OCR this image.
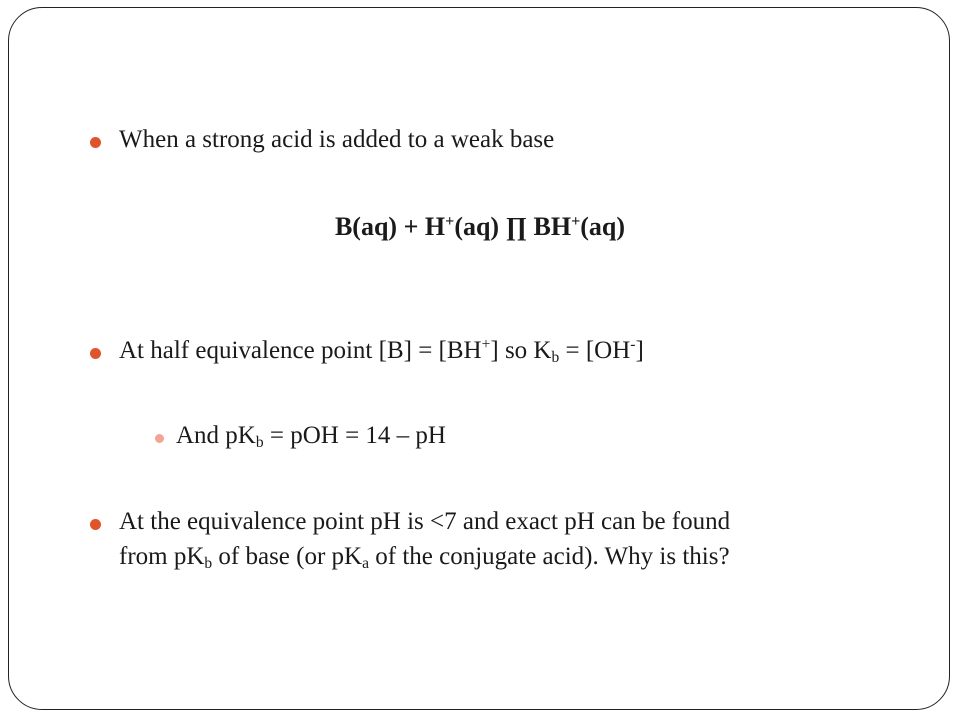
When a strong acid is added to a weak base
B(aq) + H+(aq) ∏ BH+(aq)
At half equivalence point [B] = [BH+] so $K_b = [OH^-]$
And $pK_b$ = pOH = 14 – pH
At the equivalence point pH is <7 and exact pH can be found
from $pK_b$ of base (or $pK_a$ of the conjugate acid). Why is this?
